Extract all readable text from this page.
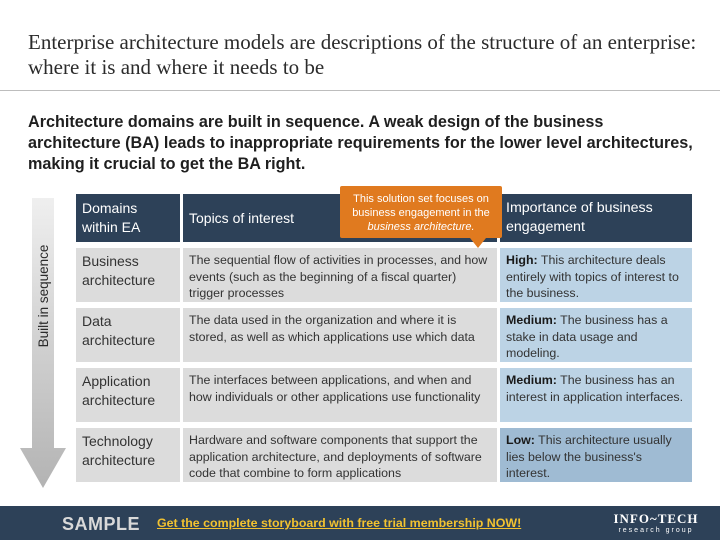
Enterprise architecture models are descriptions of the structure of an enterprise: where it is and where it needs to be
Architecture domains are built in sequence. A weak design of the business architecture (BA) leads to inappropriate requirements for the lower level architectures, making it crucial to get the BA right.
Built in sequence
Domains within EA
Topics of interest
Importance of business engagement
Business architecture
The sequential flow of activities in processes, and how events (such as the beginning of a fiscal quarter) trigger processes
High: This architecture deals entirely with topics of interest to the business.
Data architecture
The data used in the organization and where it is stored, as well as which applications use which data
Medium: The business has a stake in data usage and modeling.
Application architecture
The interfaces between applications, and when and how individuals or other applications use functionality
Medium: The business has an interest in application interfaces.
Technology architecture
Hardware and software components that support the application architecture, and deployments of software code that combine to form applications
Low: This architecture usually lies below the business's interest.
This solution set focuses on business engagement in the
business architecture.
SAMPLE Get the complete storyboard with free trial membership NOW!	INFO~TECH
research group
